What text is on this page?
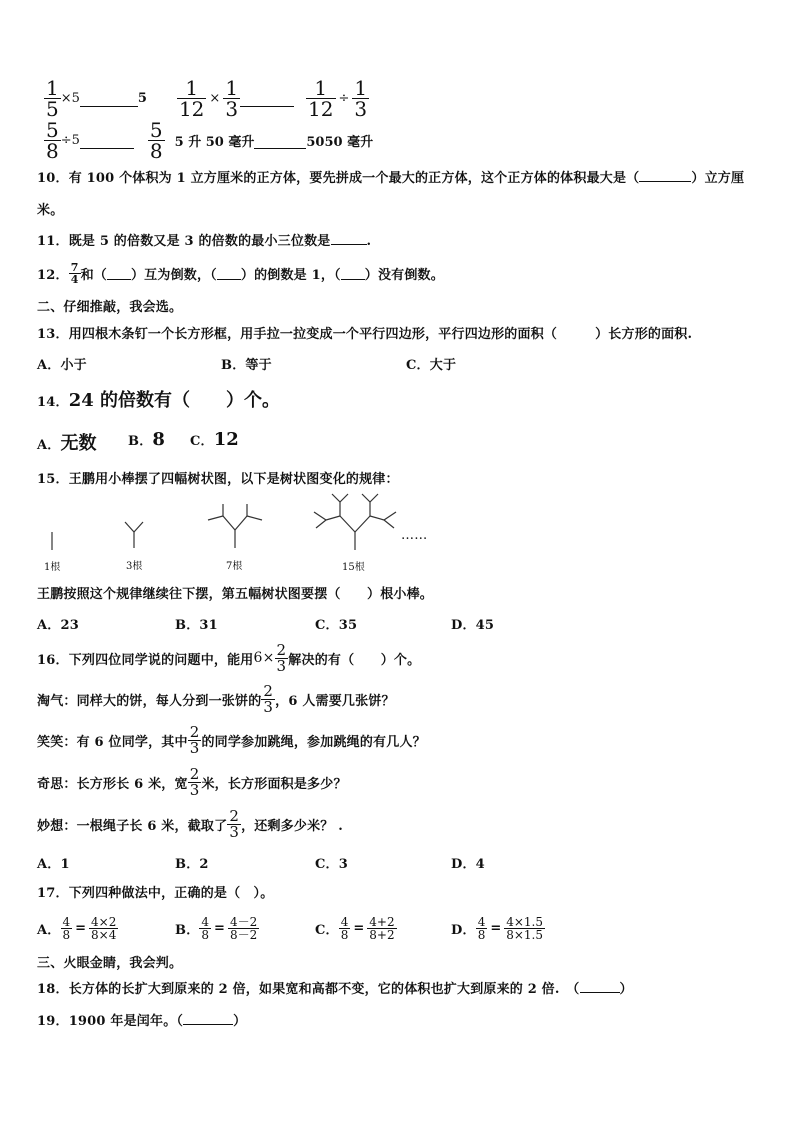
$\frac{1}{5} \times 5$	$5 \frac{1}{12} \times \frac{1}{3}$	$\frac{1}{12} \div \frac{1}{3}$
$\frac{5}{8} \div 5$	$\frac{5}{8} 5$ 升 50 毫升	5050 毫升
10．有 100 个体积为 1 立方厘米的正方体，要先拼成一个最大的正方体，这个正方体的体积最大是（	）立方厘
米。
11．既是 5 的倍数又是 3 的倍数的最小三位数是	.
12． $\frac{7}{4}$ 和（ ）互为倒数，（ ）的倒数是 1，（ ）没有倒数。
二、仔细推敲，我会选。
13．用四根木条钉一个长方形框，用手拉一拉变成一个平行四边形，平行四边形的面积（	）长方形的面积.
A．小于	B．等于	C．大于
14．24 的倍数有（　　）个。
A．无数 B．8 C．12
15．王鹏用小棒摆了四幅树状图，以下是树状图变化的规律：
1根	3根	7根	15根
……
王鹏按照这个规律继续往下摆，第五幅树状图要摆（　　）根小棒。
A．23	B．31	C．35	D．45
16．下列四位同学说的问题中，能用 $6\times \frac{2}{3}$ 解决的有（　　）个。
淘气：同样大的饼，每人分到一张饼的 $\frac{2}{3}$ ，6 人需要几张饼？
笑笑：有 6 位同学，其中 $\frac{2}{3}$ 的同学参加跳绳，参加跳绳的有几人？
奇思：长方形长 6 米，宽 $\frac{2}{3}$ 米，长方形面积是多少？
妙想：一根绳子长 6 米，截取了 $\frac{2}{3}$ ，还剩多少米？ .
A．1	B．2	C．3	D．4
17．下列四种做法中，正确的是（　）。
A． $\frac{4}{8} = \frac{4\times 2}{8\times 4}$	B． $\frac{4}{8} = \frac{4-2}{8-2}$	C． $\frac{4}{8} = \frac{4+2}{8+2}$	D． $\frac{4}{8} = \frac{4\times 1.5}{8\times 1.5}$
三、火眼金睛，我会判。
18．长方体的长扩大到原来的 2 倍，如果宽和高都不变，它的体积也扩大到原来的 2 倍.　（	）
19．1900 年是闰年。（	）
